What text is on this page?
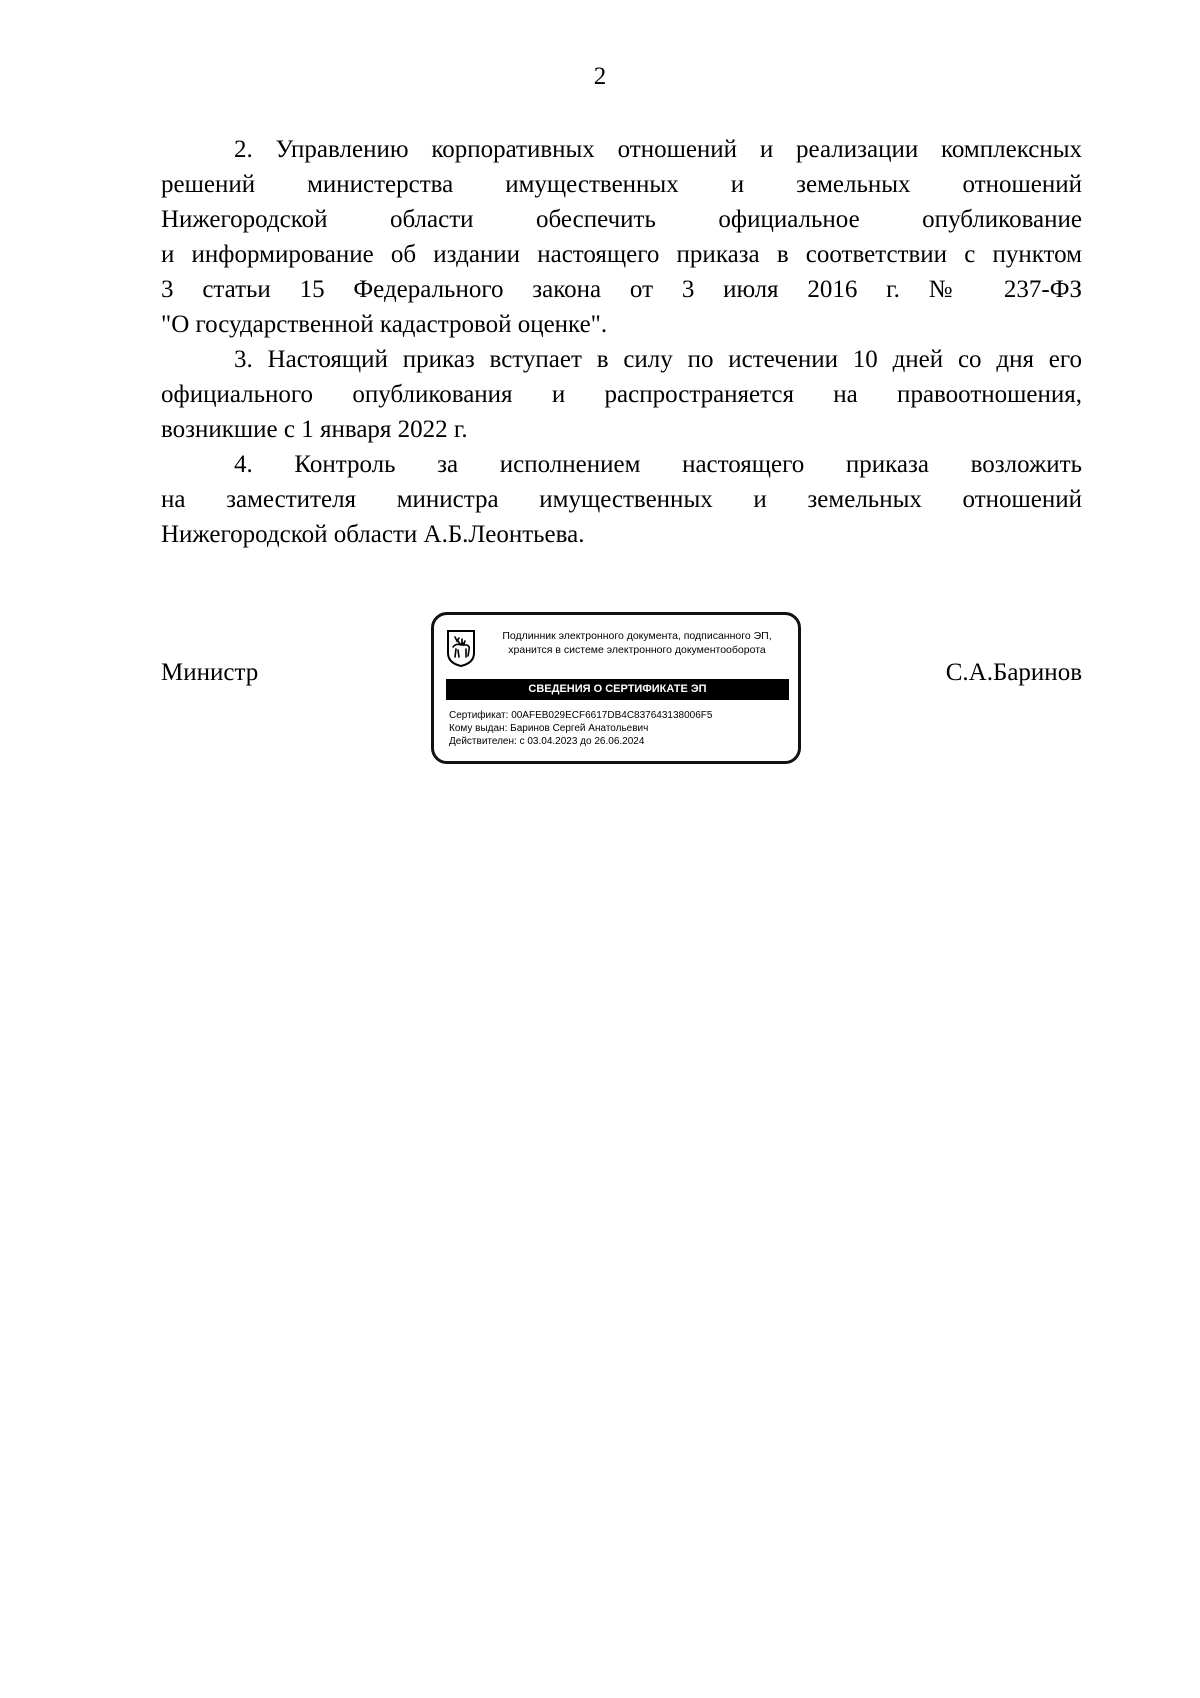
2
2. Управлению корпоративных отношений и реализации комплексных
решений министерства имущественных и земельных отношений
Нижегородской области обеспечить официальное опубликование
и информирование об издании настоящего приказа в соответствии с пунктом
3 статьи 15 Федерального закона от 3 июля 2016 г. № 237-ФЗ
"О государственной кадастровой оценке".
3. Настоящий приказ вступает в силу по истечении 10 дней со дня его
официального опубликования и распространяется на правоотношения,
возникшие с 1 января 2022 г.
4. Контроль за исполнением настоящего приказа возложить
на заместителя министра имущественных и земельных отношений
Нижегородской области А.Б.Леонтьева.
Министр
Подлинник электронного документа, подписанного ЭП,
хранится в системе электронного документооборота
СВЕДЕНИЯ О СЕРТИФИКАТЕ ЭП
Сертификат: 00AFEB029ECF6617DB4C837643138006F5
Кому выдан: Баринов Сергей Анатольевич
Действителен: с 03.04.2023 до 26.06.2024
С.А.Баринов
